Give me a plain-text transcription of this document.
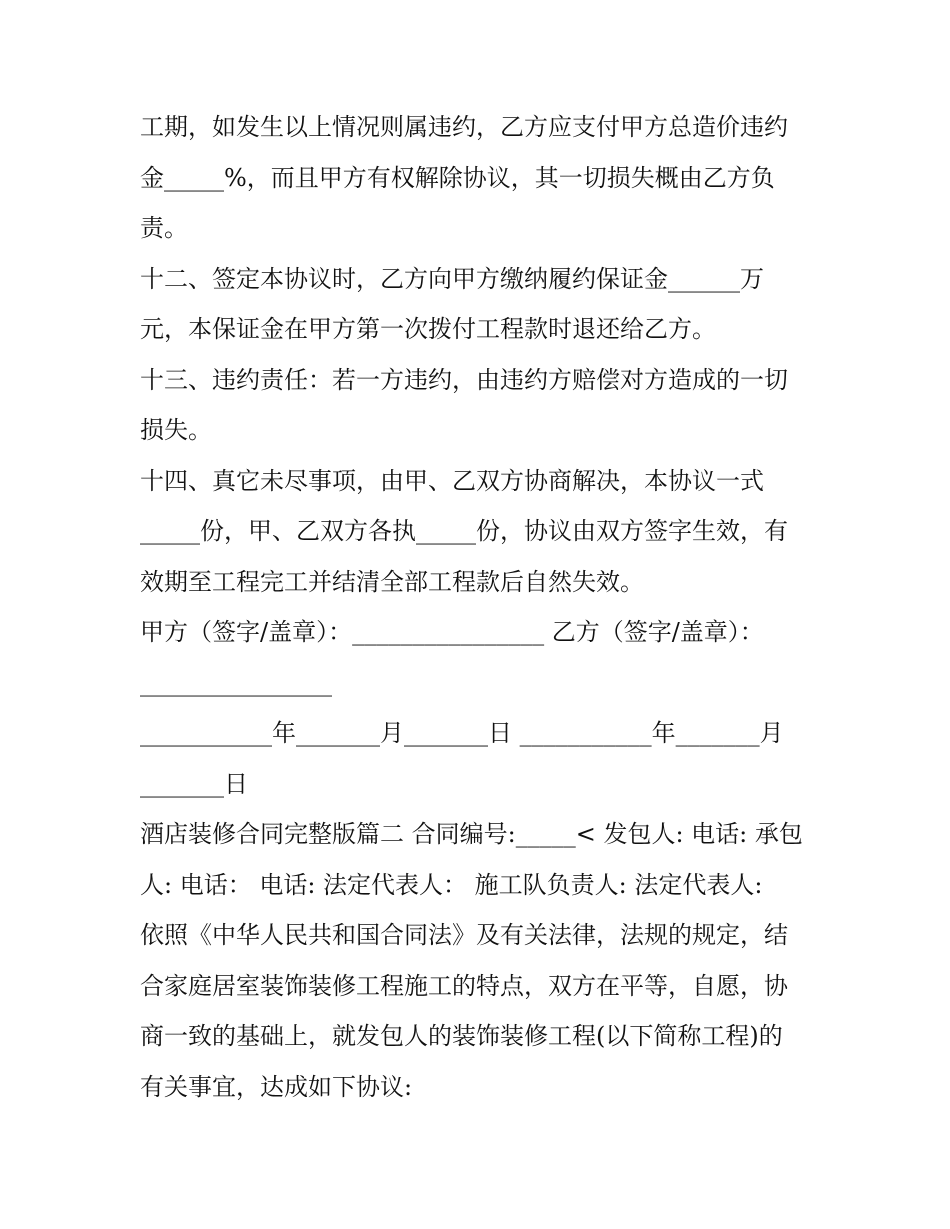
工期，如发生以上情况则属违约，乙方应支付甲方总造价违约
金_____%，而且甲方有权解除协议，其一切损失概由乙方负
责。
十二、签定本协议时，乙方向甲方缴纳履约保证金______万
元，本保证金在甲方第一次拨付工程款时退还给乙方。
十三、违约责任：若一方违约，由违约方赔偿对方造成的一切
损失。
十四、真它未尽事项，由甲、乙双方协商解决，本协议一式
_____份，甲、乙双方各执_____份，协议由双方签字生效，有
效期至工程完工并结清全部工程款后自然失效。
甲方（签字/盖章）：________________ 乙方（签字/盖章）：
________________
___________年_______月_______日 ___________年_______月
_______日
酒店装修合同完整版篇二 合同编号:_____< 发包人: 电话: 承包
人: 电话： 电话: 法定代表人： 施工队负责人: 法定代表人:
依照《中华人民共和国合同法》及有关法律，法规的规定，结
合家庭居室装饰装修工程施工的特点，双方在平等，自愿，协
商一致的基础上，就发包人的装饰装修工程(以下简称工程)的
有关事宜，达成如下协议:
